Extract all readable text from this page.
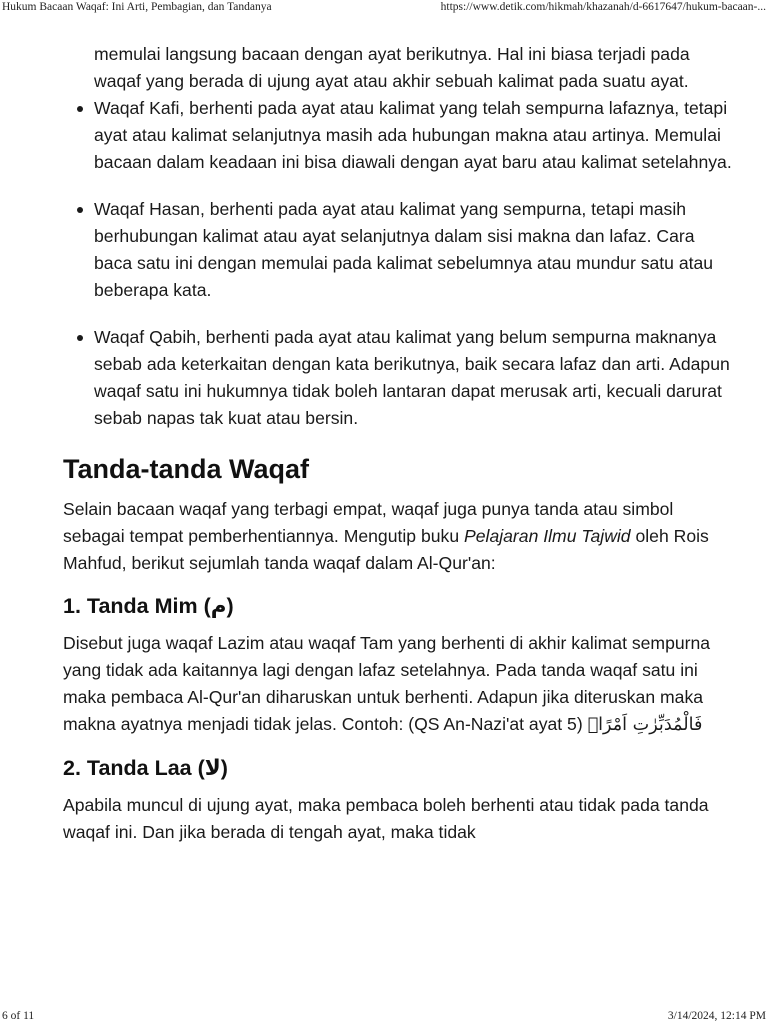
Hukum Bacaan Waqaf: Ini Arti, Pembagian, dan Tandanya	https://www.detik.com/hikmah/khazanah/d-6617647/hukum-bacaan-...

memulai langsung bacaan dengan ayat berikutnya. Hal ini biasa terjadi pada waqaf yang berada di ujung ayat atau akhir sebuah kalimat pada suatu ayat.

Waqaf Kafi, berhenti pada ayat atau kalimat yang telah sempurna lafaznya, tetapi ayat atau kalimat selanjutnya masih ada hubungan makna atau artinya. Memulai bacaan dalam keadaan ini bisa diawali dengan ayat baru atau kalimat setelahnya.
Waqaf Hasan, berhenti pada ayat atau kalimat yang sempurna, tetapi masih berhubungan kalimat atau ayat selanjutnya dalam sisi makna dan lafaz. Cara baca satu ini dengan memulai pada kalimat sebelumnya atau mundur satu atau beberapa kata.
Waqaf Qabih, berhenti pada ayat atau kalimat yang belum sempurna maknanya sebab ada keterkaitan dengan kata berikutnya, baik secara lafaz dan arti. Adapun waqaf satu ini hukumnya tidak boleh lantaran dapat merusak arti, kecuali darurat sebab napas tak kuat atau bersin.
Tanda-tanda Waqaf

Selain bacaan waqaf yang terbagi empat, waqaf juga punya tanda atau simbol sebagai tempat pemberhentiannya. Mengutip buku Pelajaran Ilmu Tajwid oleh Rois Mahfud, berikut sejumlah tanda waqaf dalam Al-Qur'an:

1. Tanda Mim (م)

Disebut juga waqaf Lazim atau waqaf Tam yang berhenti di akhir kalimat sempurna yang tidak ada kaitannya lagi dengan lafaz setelahnya. Pada tanda waqaf satu ini maka pembaca Al-Qur'an diharuskan untuk berhenti. Adapun jika diteruskan maka makna ayatnya menjadi tidak jelas. Contoh: (QS An-Nazi'at ayat 5) فَالْمُدَبِّرٰتِ اَمْرًاۘ

2. Tanda Laa (لا)

Apabila muncul di ujung ayat, maka pembaca boleh berhenti atau tidak pada tanda waqaf ini. Dan jika berada di tengah ayat, maka tidak

6 of 11	3/14/2024, 12:14 PM
